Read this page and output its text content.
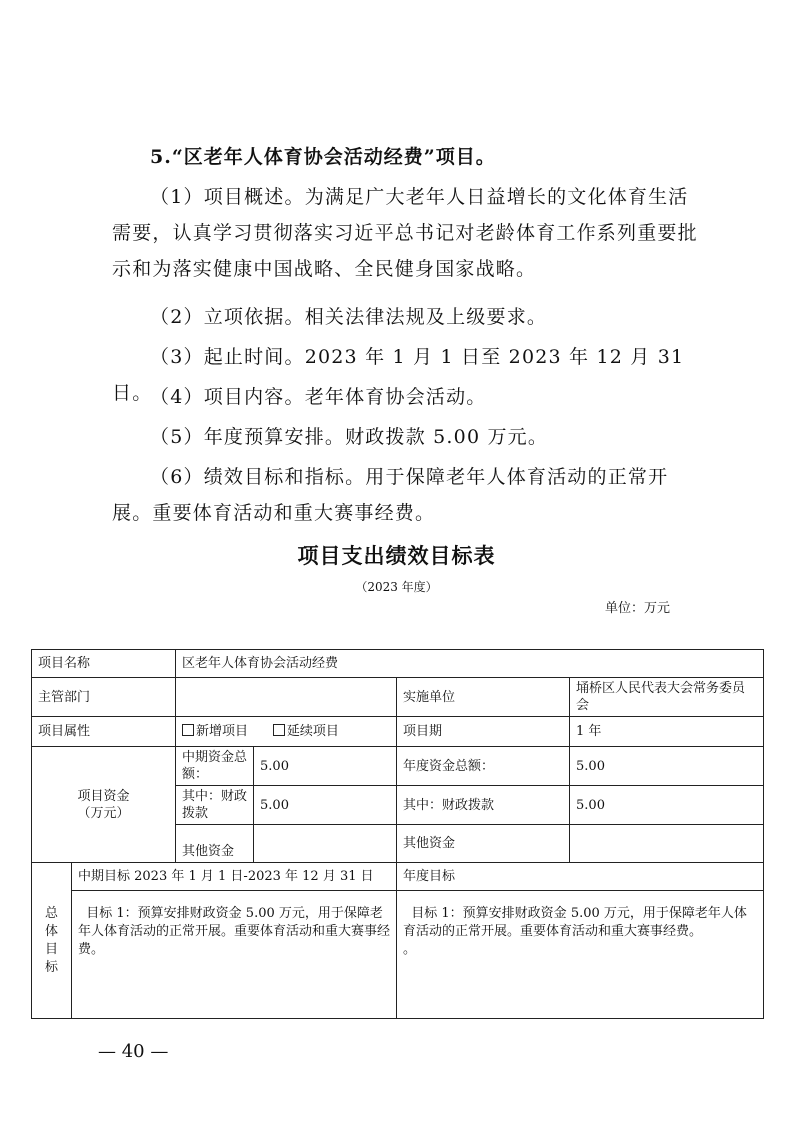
5.“区老年人体育协会活动经费”项目。

（1）项目概述。为满足广大老年人日益增长的文化体育生活需要，认真学习贯彻落实习近平总书记对老龄体育工作系列重要批示和为落实健康中国战略、全民健身国家战略。

（2）立项依据。相关法律法规及上级要求。

（3）起止时间。2023 年 1 月 1 日至 2023 年 12 月 31 日。

（4）项目内容。老年体育协会活动。

（5）年度预算安排。财政拨款 5.00 万元。

（6）绩效目标和指标。用于保障老年人体育活动的正常开展。重要体育活动和重大赛事经费。

项目支出绩效目标表
（2023 年度）
单位：万元
项目名称		区老年人体育协会活动经费			
主管部门				实施单位	埇桥区人民代表大会常务委员会
项目属性		新增项目 延续项目		项目期	1 年

项目资金
（万元）		中期资金总额：	5.00	年度资金总额：	5.00
		其中：财政拨款	5.00	其中：财政拨款	5.00
		其他资金		其他资金	

总
体
目
标	中期目标 2023 年 1 月 1 日-2023 年 12 月 31 日			年度目标	
	目标 1：预算安排财政资金 5.00 万元，用于保障老年人体育活动的正常开展。重要体育活动和重大赛事经费。			目标 1：预算安排财政资金 5.00 万元，用于保障老年人体育活动的正常开展。重要体育活动和重大赛事经费。
。	
— 40 —
